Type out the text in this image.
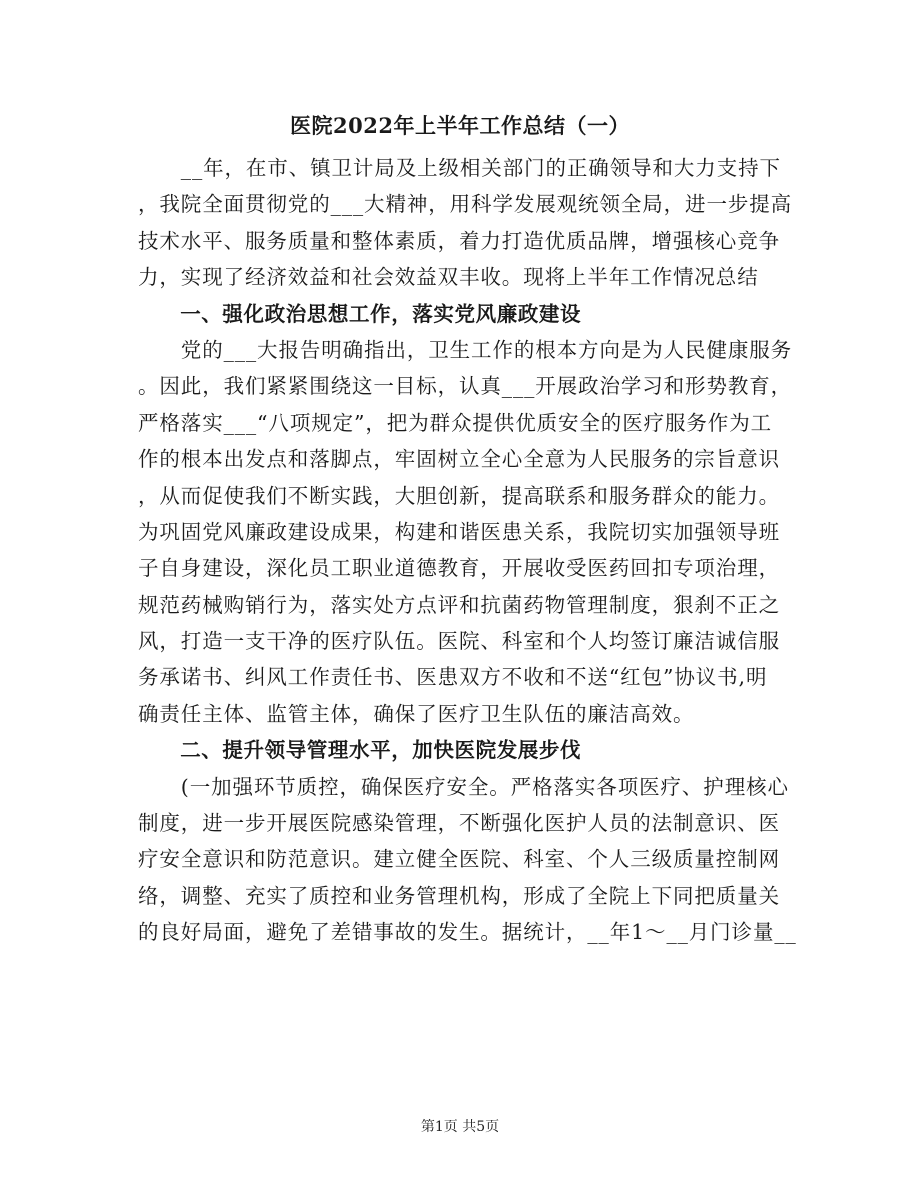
医院2022年上半年工作总结（一）
　　__年，在市、镇卫计局及上级相关部门的正确领导和大力支持下
，我院全面贯彻党的___大精神，用科学发展观统领全局，进一步提高
技术水平、服务质量和整体素质，着力打造优质品牌，增强核心竞争
力，实现了经济效益和社会效益双丰收。现将上半年工作情况总结
　　一、强化政治思想工作，落实党风廉政建设
　　党的___大报告明确指出，卫生工作的根本方向是为人民健康服务
。因此，我们紧紧围绕这一目标，认真___开展政治学习和形势教育，
严格落实___“八项规定”，把为群众提供优质安全的医疗服务作为工
作的根本出发点和落脚点，牢固树立全心全意为人民服务的宗旨意识
，从而促使我们不断实践，大胆创新，提高联系和服务群众的能力。
为巩固党风廉政建设成果，构建和谐医患关系，我院切实加强领导班
子自身建设，深化员工职业道德教育，开展收受医药回扣专项治理，
规范药械购销行为，落实处方点评和抗菌药物管理制度，狠刹不正之
风，打造一支干净的医疗队伍。医院、科室和个人均签订廉洁诚信服
务承诺书、纠风工作责任书、医患双方不收和不送“红包”协议书,明
确责任主体、监管主体，确保了医疗卫生队伍的廉洁高效。
　　二、提升领导管理水平，加快医院发展步伐
　　(一加强环节质控，确保医疗安全。严格落实各项医疗、护理核心
制度，进一步开展医院感染管理，不断强化医护人员的法制意识、医
疗安全意识和防范意识。建立健全医院、科室、个人三级质量控制网
络，调整、充实了质控和业务管理机构，形成了全院上下同把质量关
的良好局面，避免了差错事故的发生。据统计，__年1～__月门诊量__
第1页 共5页
